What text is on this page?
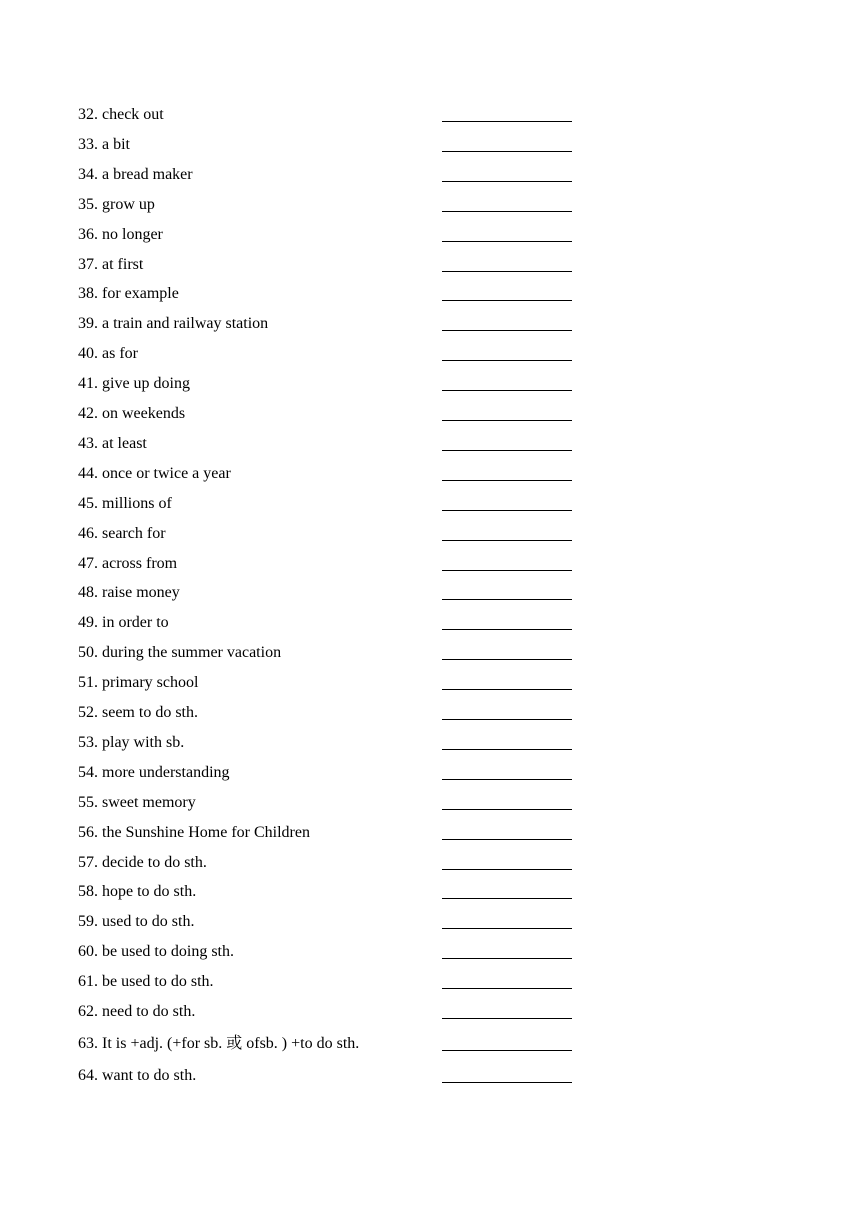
32. check out
33. a bit
34. a bread maker
35. grow up
36. no longer
37. at first
38. for example
39. a train and railway station
40. as for
41. give up doing
42. on weekends
43. at least
44. once or twice a year
45. millions of
46. search for
47. across from
48. raise money
49. in order to
50. during the summer vacation
51. primary school
52. seem to do sth.
53. play with sb.
54. more understanding
55. sweet memory
56. the Sunshine Home for Children
57. decide to do sth.
58. hope to do sth.
59. used to do sth.
60. be used to doing sth.
61. be used to do sth.
62. need to do sth.
63. It is +adj. (+for sb. 或 ofsb. ) +to do sth.
64. want to do sth.
